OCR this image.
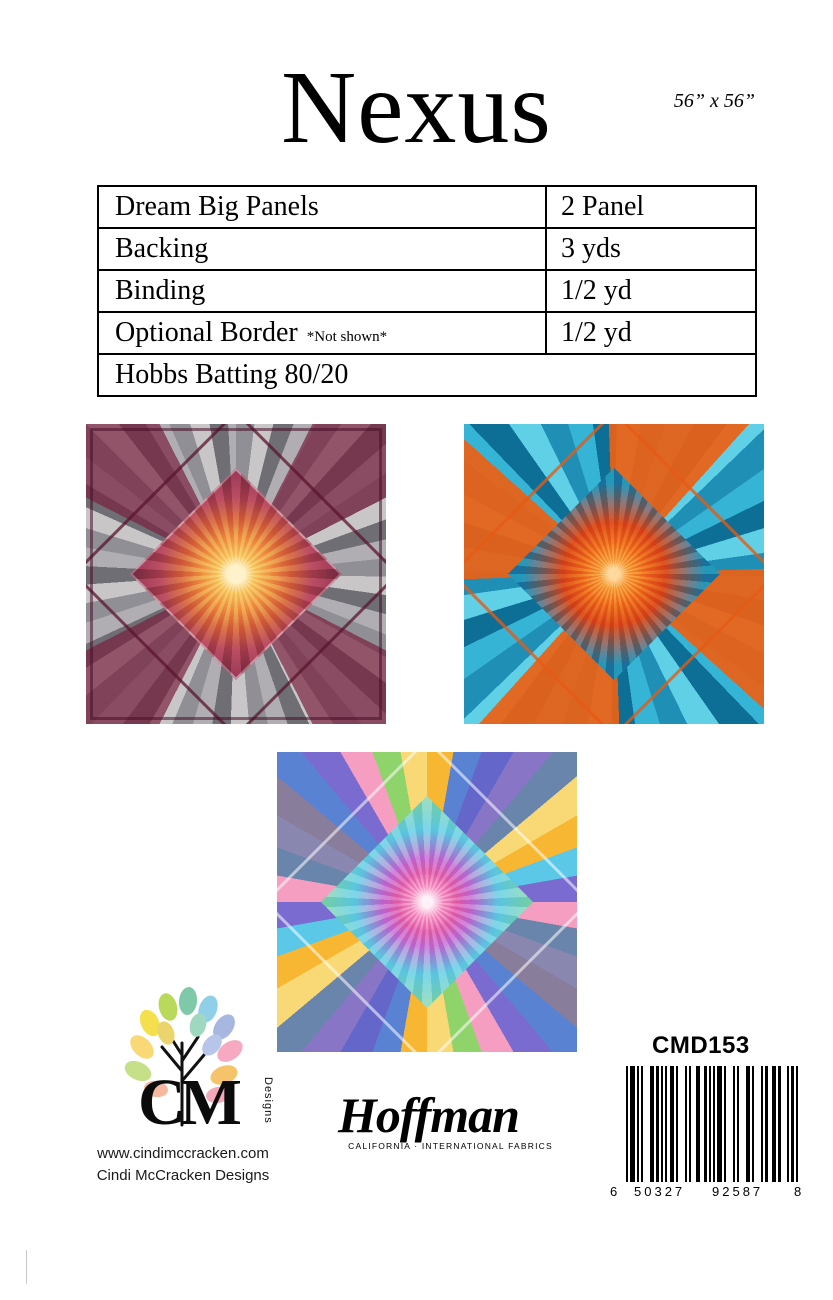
Nexus	56” x 56”
Dream Big Panels	2 Panel
Backing	3 yds
Binding	1/2 yd
Optional Border *Not shown*	1/2 yd
Hobbs Batting 80/20
CM Designs
www.cindimccracken.com
Cindi McCracken Designs
Hoffman
CALIFORNIA · INTERNATIONAL FABRICS
CMD153
6 50327 92587 8
